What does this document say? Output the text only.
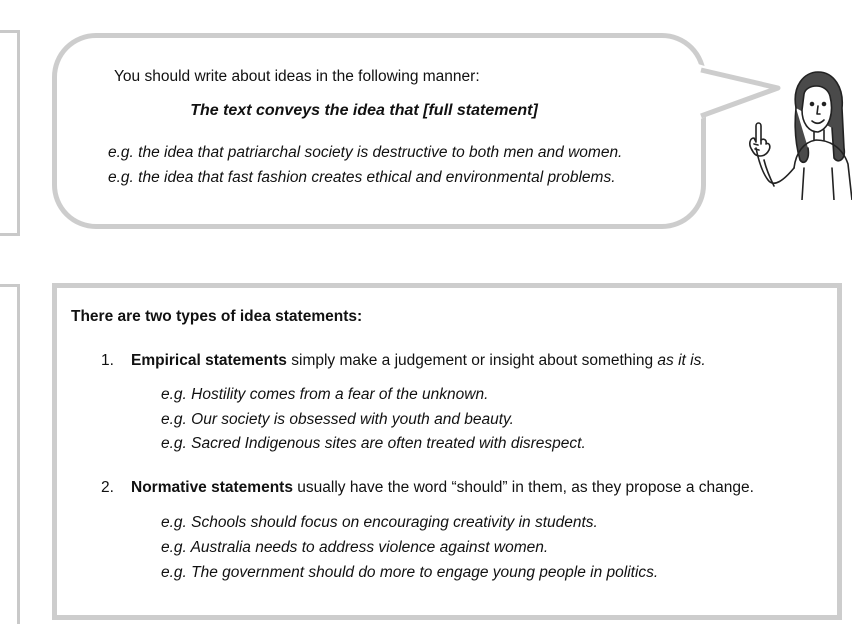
You should write about ideas in the following manner:
The text conveys the idea that [full statement]
e.g. the idea that patriarchal society is destructive to both men and women.
e.g. the idea that fast fashion creates ethical and environmental problems.
There are two types of idea statements:
1. Empirical statements simply make a judgement or insight about something as it is.
e.g. Hostility comes from a fear of the unknown.
e.g. Our society is obsessed with youth and beauty.
e.g. Sacred Indigenous sites are often treated with disrespect.
2. Normative statements usually have the word “should” in them, as they propose a change.
e.g. Schools should focus on encouraging creativity in students.
e.g. Australia needs to address violence against women.
e.g. The government should do more to engage young people in politics.
